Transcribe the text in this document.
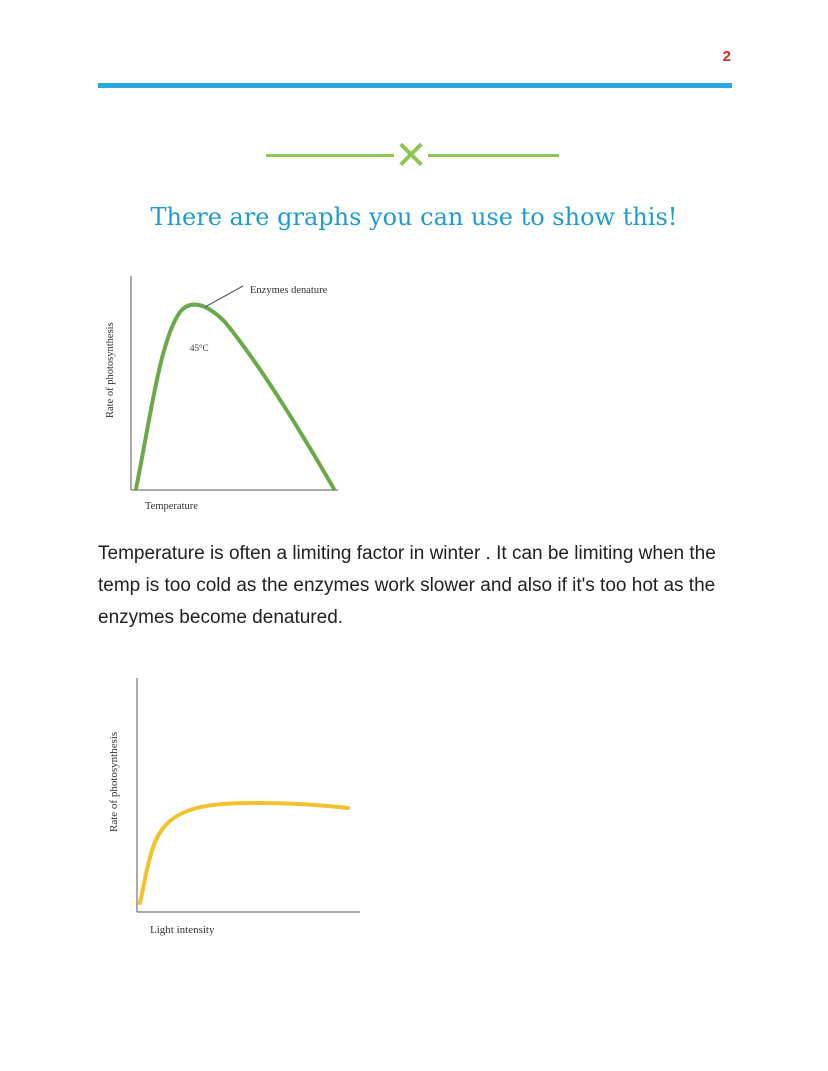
2
✕
There are graphs you can use to show this!
Enzymes denature
45°C
Temperature
Rate of photosynthesis
Temperature is often a limiting factor in winter . It can be limiting when the temp is too cold as the enzymes work slower and also if it's too hot as the enzymes become denatured.
Light intensity
Rate of photosynthesis
